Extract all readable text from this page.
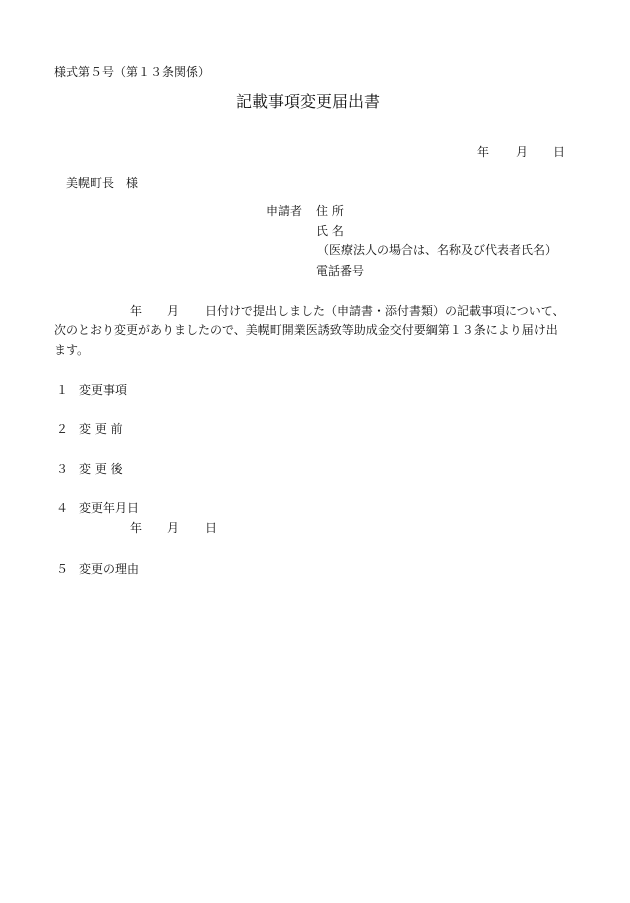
様式第５号（第１３条関係）
記載事項変更届出書
年 月 日
美幌町長　様
申請者 住 所
氏 名
（医療法人の場合は、名称及び代表者氏名）
電話番号
年 月 日付けで提出しました（申請書・添付書類）の記載事項について、
次のとおり変更がありましたので、美幌町開業医誘致等助成金交付要綱第１３条により届け出
ます。
１ 変更事項
２ 変 更 前
３ 変 更 後
４ 変更年月日
年 月 日
５ 変更の理由
